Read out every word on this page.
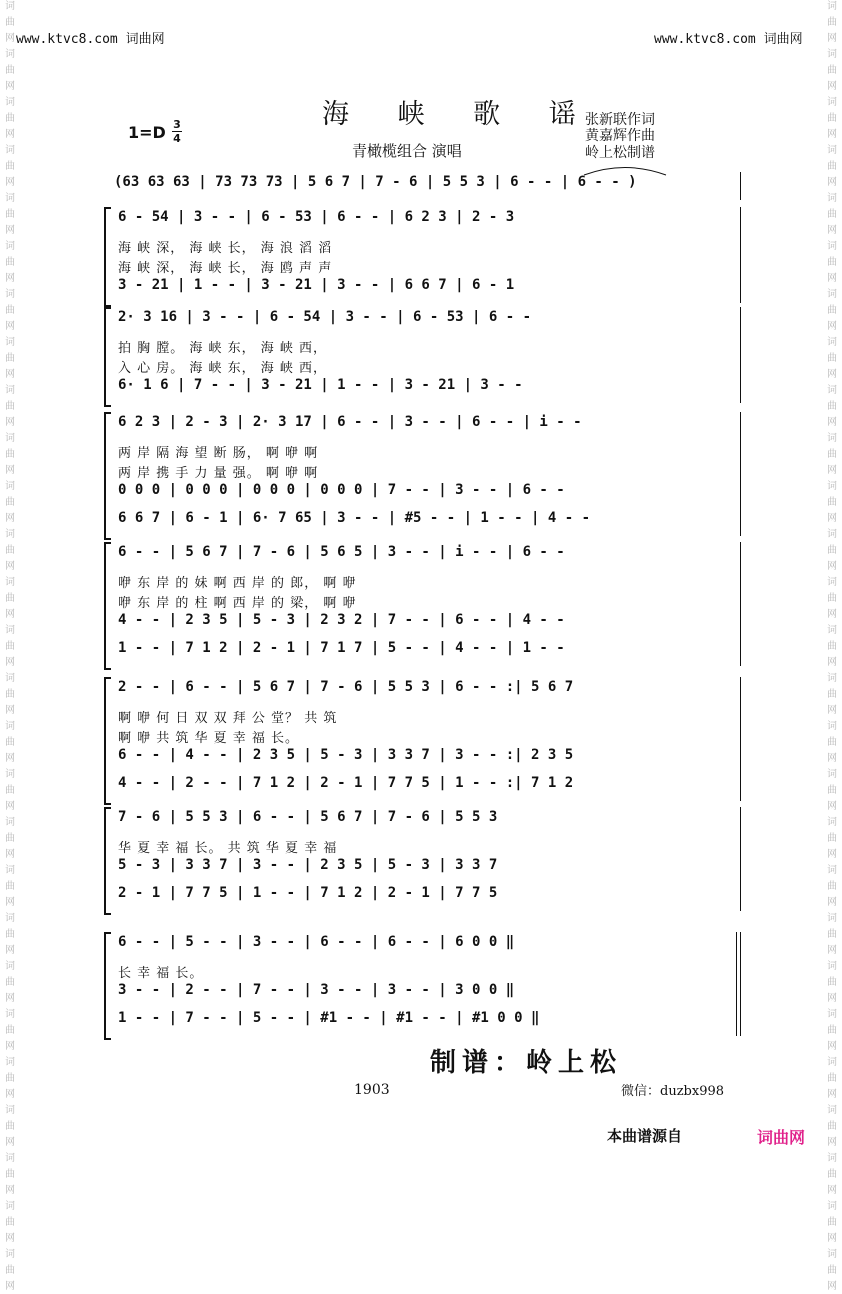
www.ktvc8.com 词曲网	www.ktvc8.com 词曲网
词
曲
网
词
曲
网
词
曲
网
词
曲
网
词
曲
网
词
曲
网
词
曲
网
词
曲
网
词
曲
网
词
曲
网
词
曲
网
词
曲
网
词
曲
网
词
曲
网
词
曲
网
词
曲
网
词
曲
网
词
曲
网
词
曲
网
词
曲
网
词
曲
网
词
曲
网
词
曲
网
词
曲
网
词
曲
网
词
曲
网
词
曲
网
词
曲
网
词
曲
网
词
曲
网
词
曲
网
词
曲
网
词
曲
网
词
曲
网
词
曲
网
词
曲
网
词
曲
网
词
曲
网
词
曲
网
词
曲
网
词
曲
网
词
曲
网
词
曲
网
词
曲
网
词
曲
网
词
曲
网
词
曲
网
词
曲
网
词
曲
网
词
曲
网
词
曲
网
词
曲
网
词
曲
网
词
曲
网
海 峡 歌 谣
$1=D \frac{3}{4}$
青橄榄组合 演唱
张新联作词
黄嘉辉作曲
岭上松制谱
(63 63 63 | 73 73 73 | 5 6 7 | 7 - 6 | 5 5 3 | 6 - - | 6 - - )
6 - 54 | 3 - - | 6 - 53 | 6 - - | 6 2 3 | 2 - 3
海 峡 深， 海 峡 长， 海 浪 滔 滔
海 峡 深， 海 峡 长， 海 鸥 声 声
3 - 21 | 1 - - | 3 - 21 | 3 - - | 6 6 7 | 6 - 1
2· 3 16 | 3 - - | 6 - 54 | 3 - - | 6 - 53 | 6 - -
拍 胸 膛。 海 峡 东， 海 峡 西，
入 心 房。 海 峡 东， 海 峡 西，
6· 1 6 | 7 - - | 3 - 21 | 1 - - | 3 - 21 | 3 - -
6 2 3 | 2 - 3 | 2· 3 17 | 6 - - | 3 - - | 6 - - | i - -
两 岸 隔 海 望 断 肠， 啊 咿 啊
两 岸 携 手 力 量 强。 啊 咿 啊
0 0 0 | 0 0 0 | 0 0 0 | 0 0 0 | 7 - - | 3 - - | 6 - -
6 6 7 | 6 - 1 | 6· 7 65 | 3 - - | #5 - - | 1 - - | 4 - -
6 - - | 5 6 7 | 7 - 6 | 5 6 5 | 3 - - | i - - | 6 - -
咿 东 岸 的 妹 啊 西 岸 的 郎， 啊 咿
咿 东 岸 的 柱 啊 西 岸 的 梁， 啊 咿
4 - - | 2 3 5 | 5 - 3 | 2 3 2 | 7 - - | 6 - - | 4 - -
1 - - | 7 1 2 | 2 - 1 | 7 1 7 | 5 - - | 4 - - | 1 - -
2 - - | 6 - - | 5 6 7 | 7 - 6 | 5 5 3 | 6 - - :| 5 6 7
啊 咿 何 日 双 双 拜 公 堂？ 共 筑
啊 咿 共 筑 华 夏 幸 福 长。
6 - - | 4 - - | 2 3 5 | 5 - 3 | 3 3 7 | 3 - - :| 2 3 5
4 - - | 2 - - | 7 1 2 | 2 - 1 | 7 7 5 | 1 - - :| 7 1 2
7 - 6 | 5 5 3 | 6 - - | 5 6 7 | 7 - 6 | 5 5 3
华 夏 幸 福 长。 共 筑 华 夏 幸 福
5 - 3 | 3 3 7 | 3 - - | 2 3 5 | 5 - 3 | 3 3 7
2 - 1 | 7 7 5 | 1 - - | 7 1 2 | 2 - 1 | 7 7 5
6 - - | 5 - - | 3 - - | 6 - - | 6 - - | 6 0 0 ‖
长 幸 福 长。
3 - - | 2 - - | 7 - - | 3 - - | 3 - - | 3 0 0 ‖
1 - - | 7 - - | 5 - - | #1 - - | #1 - - | #1 0 0 ‖
制谱：岭上松
微信：duzbx998
1903
本曲谱源自	词曲网
